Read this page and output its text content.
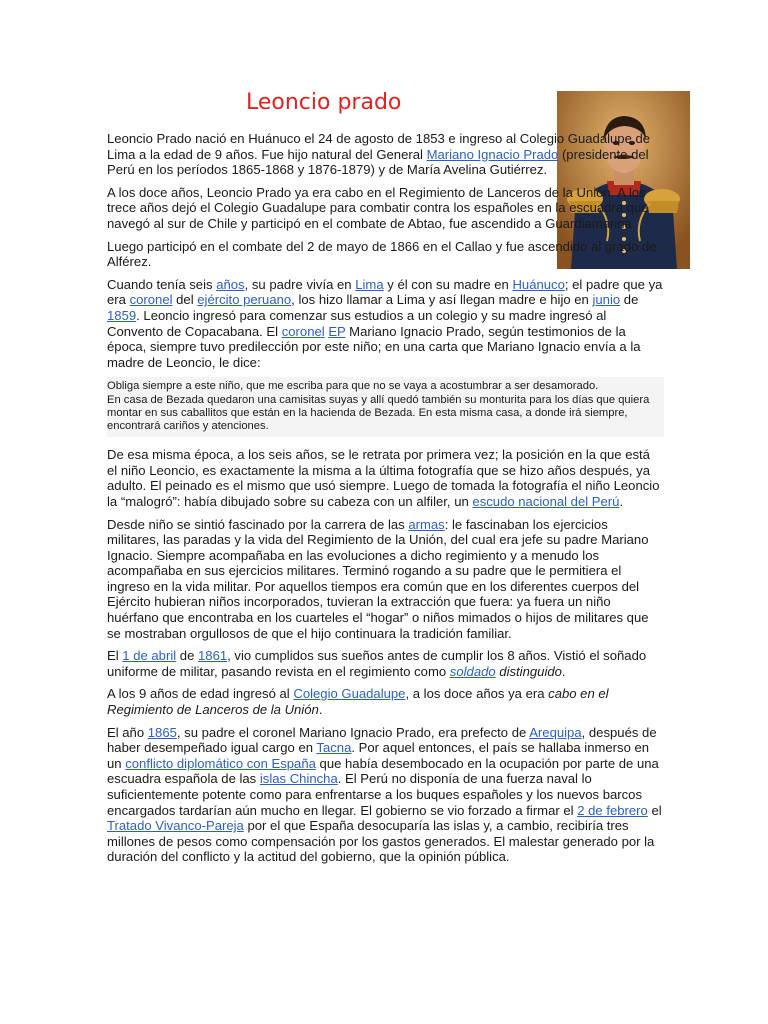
Leoncio prado

Leoncio Prado nació en Huánuco el 24 de agosto de 1853 e ingreso al Colegio Guadalupe de Lima a la edad de 9 años. Fue hijo natural del General Mariano Ignacio Prado (presidente del Perú en los períodos 1865-1868 y 1876-1879) y de María Avelina Gutiérrez.

A los doce años, Leoncio Prado ya era cabo en el Regimiento de Lanceros de la Unión. A los trece años dejó el Colegio Guadalupe para combatir contra los españoles en la escuadra que navegó al sur de Chile y participó en el combate de Abtao, fue ascendido a Guardiamarina.

Luego participó en el combate del 2 de mayo de 1866 en el Callao y fue ascendido al grado de Alférez.

Cuando tenía seis años, su padre vivía en Lima y él con su madre en Huánuco; el padre que ya era coronel del ejército peruano, los hizo llamar a Lima y así llegan madre e hijo en junio de 1859. Leoncio ingresó para comenzar sus estudios a un colegio y su madre ingresó al Convento de Copacabana. El coronel EP Mariano Ignacio Prado, según testimonios de la época, siempre tuvo predilección por este niño; en una carta que Mariano Ignacio envía a la madre de Leoncio, le dice:

Obliga siempre a este niño, que me escriba para que no se vaya a acostumbrar a ser desamorado.
En casa de Bezada quedaron una camisitas suyas y allí quedó también su monturita para los días que quiera montar en sus caballitos que están en la hacienda de Bezada. En esta misma casa, a donde irá siempre, encontrará cariños y atenciones.

De esa misma época, a los seis años, se le retrata por primera vez; la posición en la que está el niño Leoncio, es exactamente la misma a la última fotografía que se hizo años después, ya adulto. El peinado es el mismo que usó siempre. Luego de tomada la fotografía el niño Leoncio la “malogró”: había dibujado sobre su cabeza con un alfiler, un escudo nacional del Perú.

Desde niño se sintió fascinado por la carrera de las armas: le fascinaban los ejercicios militares, las paradas y la vida del Regimiento de la Unión, del cual era jefe su padre Mariano Ignacio. Siempre acompañaba en las evoluciones a dicho regimiento y a menudo los acompañaba en sus ejercicios militares. Terminó rogando a su padre que le permitiera el ingreso en la vida militar. Por aquellos tiempos era común que en los diferentes cuerpos del Ejército hubieran niños incorporados, tuvieran la extracción que fuera: ya fuera un niño huérfano que encontraba en los cuarteles el “hogar” o niños mimados o hijos de militares que se mostraban orgullosos de que el hijo continuara la tradición familiar.

El 1 de abril de 1861, vio cumplidos sus sueños antes de cumplir los 8 años. Vistió el soñado uniforme de militar, pasando revista en el regimiento como soldado distinguido.

A los 9 años de edad ingresó al Colegio Guadalupe, a los doce años ya era cabo en el Regimiento de Lanceros de la Unión.

El año 1865, su padre el coronel Mariano Ignacio Prado, era prefecto de Arequipa, después de haber desempeñado igual cargo en Tacna. Por aquel entonces, el país se hallaba inmerso en un conflicto diplomático con España que había desembocado en la ocupación por parte de una escuadra española de las islas Chincha. El Perú no disponía de una fuerza naval lo suficientemente potente como para enfrentarse a los buques españoles y los nuevos barcos encargados tardarían aún mucho en llegar. El gobierno se vio forzado a firmar el 2 de febrero el Tratado Vivanco-Pareja por el que España desocuparía las islas y, a cambio, recibiría tres millones de pesos como compensación por los gastos generados. El malestar generado por la duración del conflicto y la actitud del gobierno, que la opinión pública.
